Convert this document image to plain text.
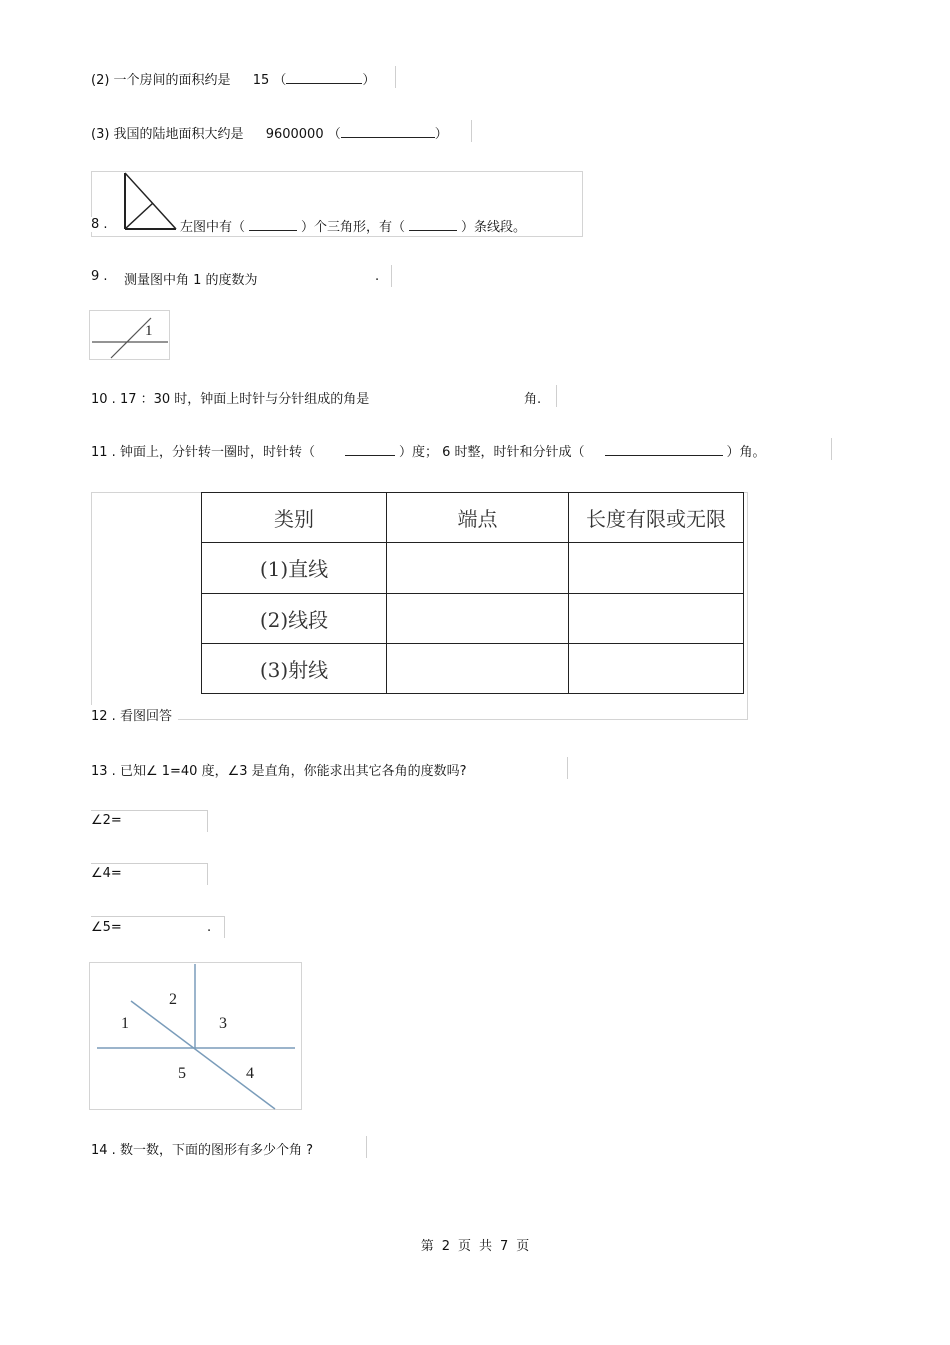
(2) 一个房间的面积约是 15 （	）
(3) 我国的陆地面积大约是 9600000 （	）
8 .	左图中有（	）个三角形，有（	）条线段。
9 . 测量图中角 1 的度数为	.
1
10 . 17 ：30 时，钟面上时针与分针组成的角是	角.
11 . 钟面上，分针转一圈时，时针转（	）度； 6 时整，时针和分针成（	）角。
类别	端点	长度有限或无限
(1)直线		
(2)线段		
(3)射线		
12 . 看图回答
13 . 已知∠ 1=40 度，∠3 是直角，你能求出其它各角的度数吗?
∠2=
∠4=
∠5=	.
1
2
3
4
5
14 . 数一数，下面的图形有多少个角 ?
第 2 页 共 7 页
